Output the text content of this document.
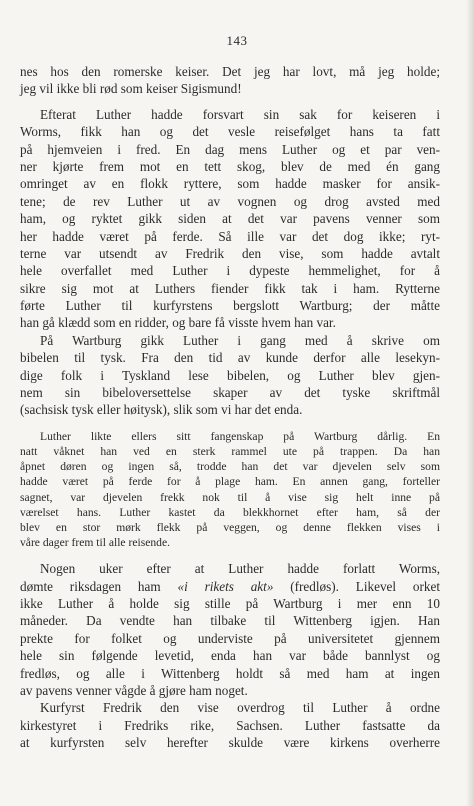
143

nes hos den romerske keiser. Det jeg har lovt, må jeg holde;
jeg vil ikke bli rød som keiser Sigismund!

Efterat Luther hadde forsvart sin sak for keiseren i
Worms, fikk han og det vesle reisefølget hans ta fatt
på hjemveien i fred. En dag mens Luther og et par ven-
ner kjørte frem mot en tett skog, blev de med én gang
omringet av en flokk ryttere, som hadde masker for ansik-
tene; de rev Luther ut av vognen og drog avsted med
ham, og ryktet gikk siden at det var pavens venner som
her hadde været på ferde. Så ille var det dog ikke; ryt-
terne var utsendt av Fredrik den vise, som hadde avtalt
hele overfallet med Luther i dypeste hemmelighet, for å
sikre sig mot at Luthers fiender fikk tak i ham. Rytterne
førte Luther til kurfyrstens bergslott Wartburg; der måtte
han gå klædd som en ridder, og bare få visste hvem han var.

På Wartburg gikk Luther i gang med å skrive om
bibelen til tysk. Fra den tid av kunde derfor alle lesekyn-
dige folk i Tyskland lese bibelen, og Luther blev gjen-
nem sin bibeloversettelse skaper av det tyske skriftmål
(sachsisk tysk eller høitysk), slik som vi har det enda.

Luther likte ellers sitt fangenskap på Wartburg dårlig. En
natt våknet han ved en sterk rammel ute på trappen. Da han
åpnet døren og ingen så, trodde han det var djevelen selv som
hadde været på ferde for å plage ham. En annen gang, forteller
sagnet, var djevelen frekk nok til å vise sig helt inne på
værelset hans. Luther kastet da blekkhornet efter ham, så der
blev en stor mørk flekk på veggen, og denne flekken vises i
våre dager frem til alle reisende.

Nogen uker efter at Luther hadde forlatt Worms,
dømte riksdagen ham «i rikets akt» (fredløs). Likevel orket
ikke Luther å holde sig stille på Wartburg i mer enn 10
måneder. Da vendte han tilbake til Wittenberg igjen. Han
prekte for folket og underviste på universitetet gjennem
hele sin følgende levetid, enda han var både bannlyst og
fredløs, og alle i Wittenberg holdt så med ham at ingen
av pavens venner vågde å gjøre ham noget.

Kurfyrst Fredrik den vise overdrog til Luther å ordne
kirkestyret i Fredriks rike, Sachsen. Luther fastsatte da
at kurfyrsten selv herefter skulde være kirkens overherre
